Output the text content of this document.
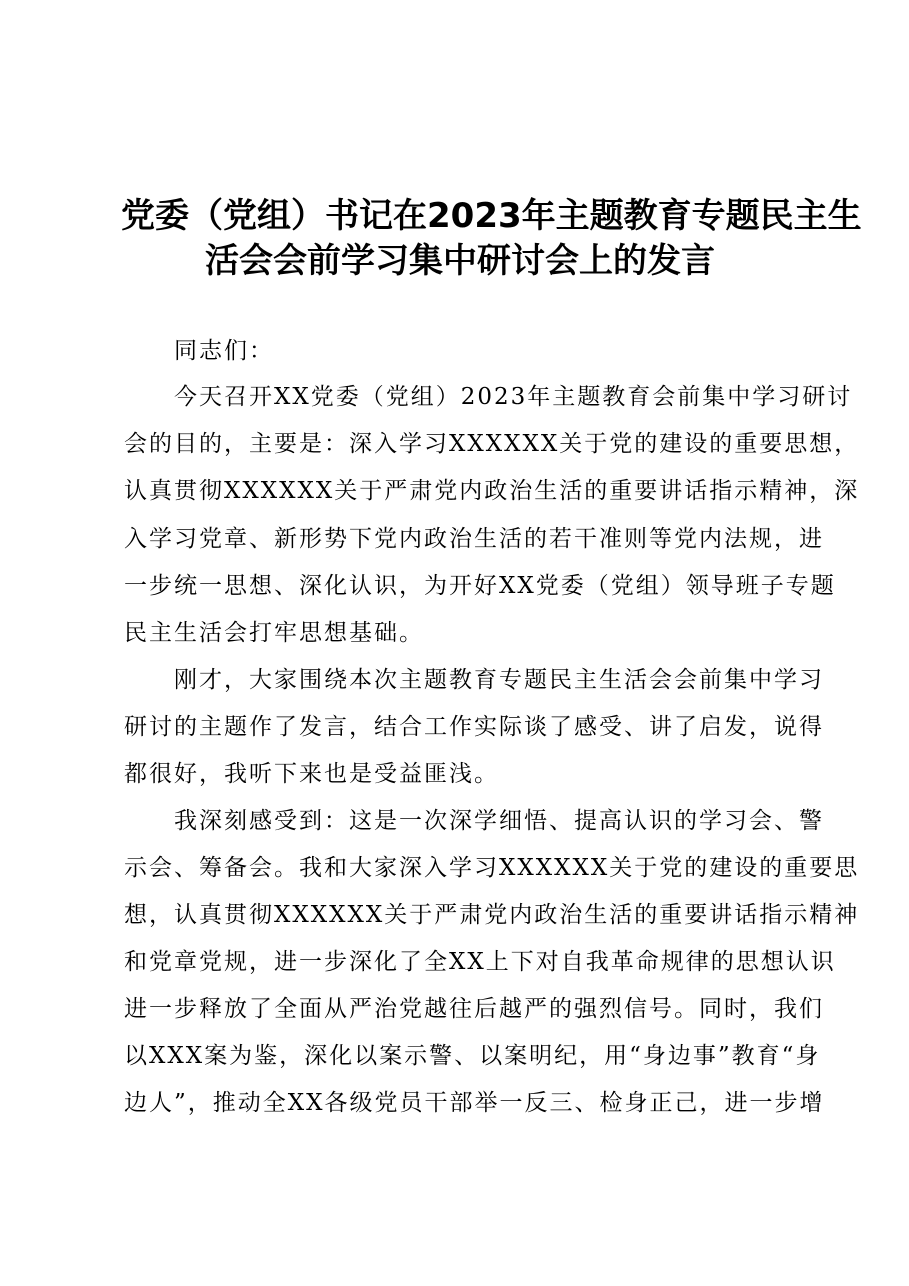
党委（党组）书记在2023年主题教育专题民主生
活会会前学习集中研讨会上的发言
同志们：
今天召开XX党委（党组）2023年主题教育会前集中学习研讨
会的目的，主要是：深入学习XXXXXX关于党的建设的重要思想，
认真贯彻XXXXXX关于严肃党内政治生活的重要讲话指示精神，深
入学习党章、新形势下党内政治生活的若干准则等党内法规，进
一步统一思想、深化认识，为开好XX党委（党组）领导班子专题
民主生活会打牢思想基础。
刚才，大家围绕本次主题教育专题民主生活会会前集中学习
研讨的主题作了发言，结合工作实际谈了感受、讲了启发，说得
都很好，我听下来也是受益匪浅。
我深刻感受到：这是一次深学细悟、提高认识的学习会、警
示会、筹备会。我和大家深入学习XXXXXX关于党的建设的重要思
想，认真贯彻XXXXXX关于严肃党内政治生活的重要讲话指示精神
和党章党规，进一步深化了全XX上下对自我革命规律的思想认识
进一步释放了全面从严治党越往后越严的强烈信号。同时，我们
以XXX案为鉴，深化以案示警、以案明纪，用“身边事”教育“身
边人”，推动全XX各级党员干部举一反三、检身正己，进一步增
